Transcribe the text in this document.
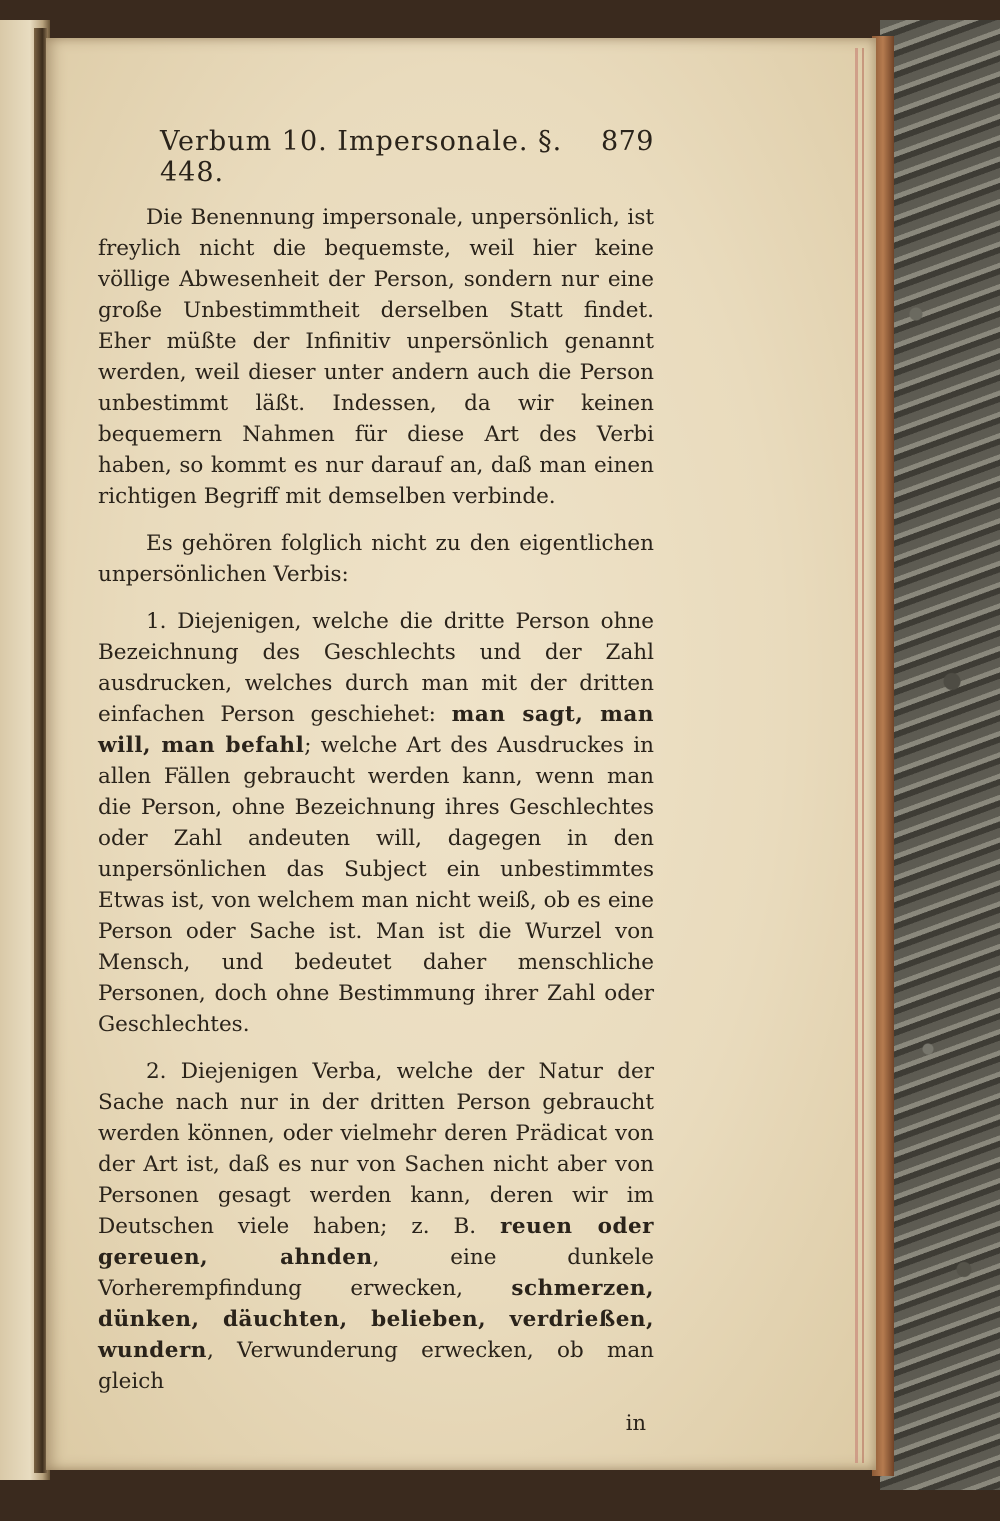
Verbum 10. Impersonale. §. 448.
879

Die Benennung impersonale, unpersönlich, ist freylich nicht die bequemste, weil hier keine völlige Abwesenheit der Person, sondern nur eine große Unbestimmtheit derselben Statt findet. Eher müßte der Infinitiv unpersönlich genannt werden, weil dieser unter andern auch die Person unbestimmt läßt. Indessen, da wir keinen bequemern Nahmen für diese Art des Verbi haben, so kommt es nur darauf an, daß man einen richtigen Begriff mit demselben verbinde.

Es gehören folglich nicht zu den eigentlichen unpersönlichen Verbis:

1. Diejenigen, welche die dritte Person ohne Bezeichnung des Geschlechts und der Zahl ausdrucken, welches durch man mit der dritten einfachen Person geschiehet: man sagt, man will, man befahl; welche Art des Ausdruckes in allen Fällen gebraucht werden kann, wenn man die Person, ohne Bezeichnung ihres Geschlechtes oder Zahl andeuten will, dagegen in den unpersönlichen das Subject ein unbestimmtes Etwas ist, von welchem man nicht weiß, ob es eine Person oder Sache ist. Man ist die Wurzel von Mensch, und bedeutet daher menschliche Personen, doch ohne Bestimmung ihrer Zahl oder Geschlechtes.

2. Diejenigen Verba, welche der Natur der Sache nach nur in der dritten Person gebraucht werden können, oder vielmehr deren Prädicat von der Art ist, daß es nur von Sachen nicht aber von Personen gesagt werden kann, deren wir im Deutschen viele haben; z. B. reuen oder gereuen, ahnden, eine dunkele Vorherempfindung erwecken, schmerzen, dünken, däuchten, belieben, verdrießen, wundern, Verwunderung erwecken, ob man gleich

in
